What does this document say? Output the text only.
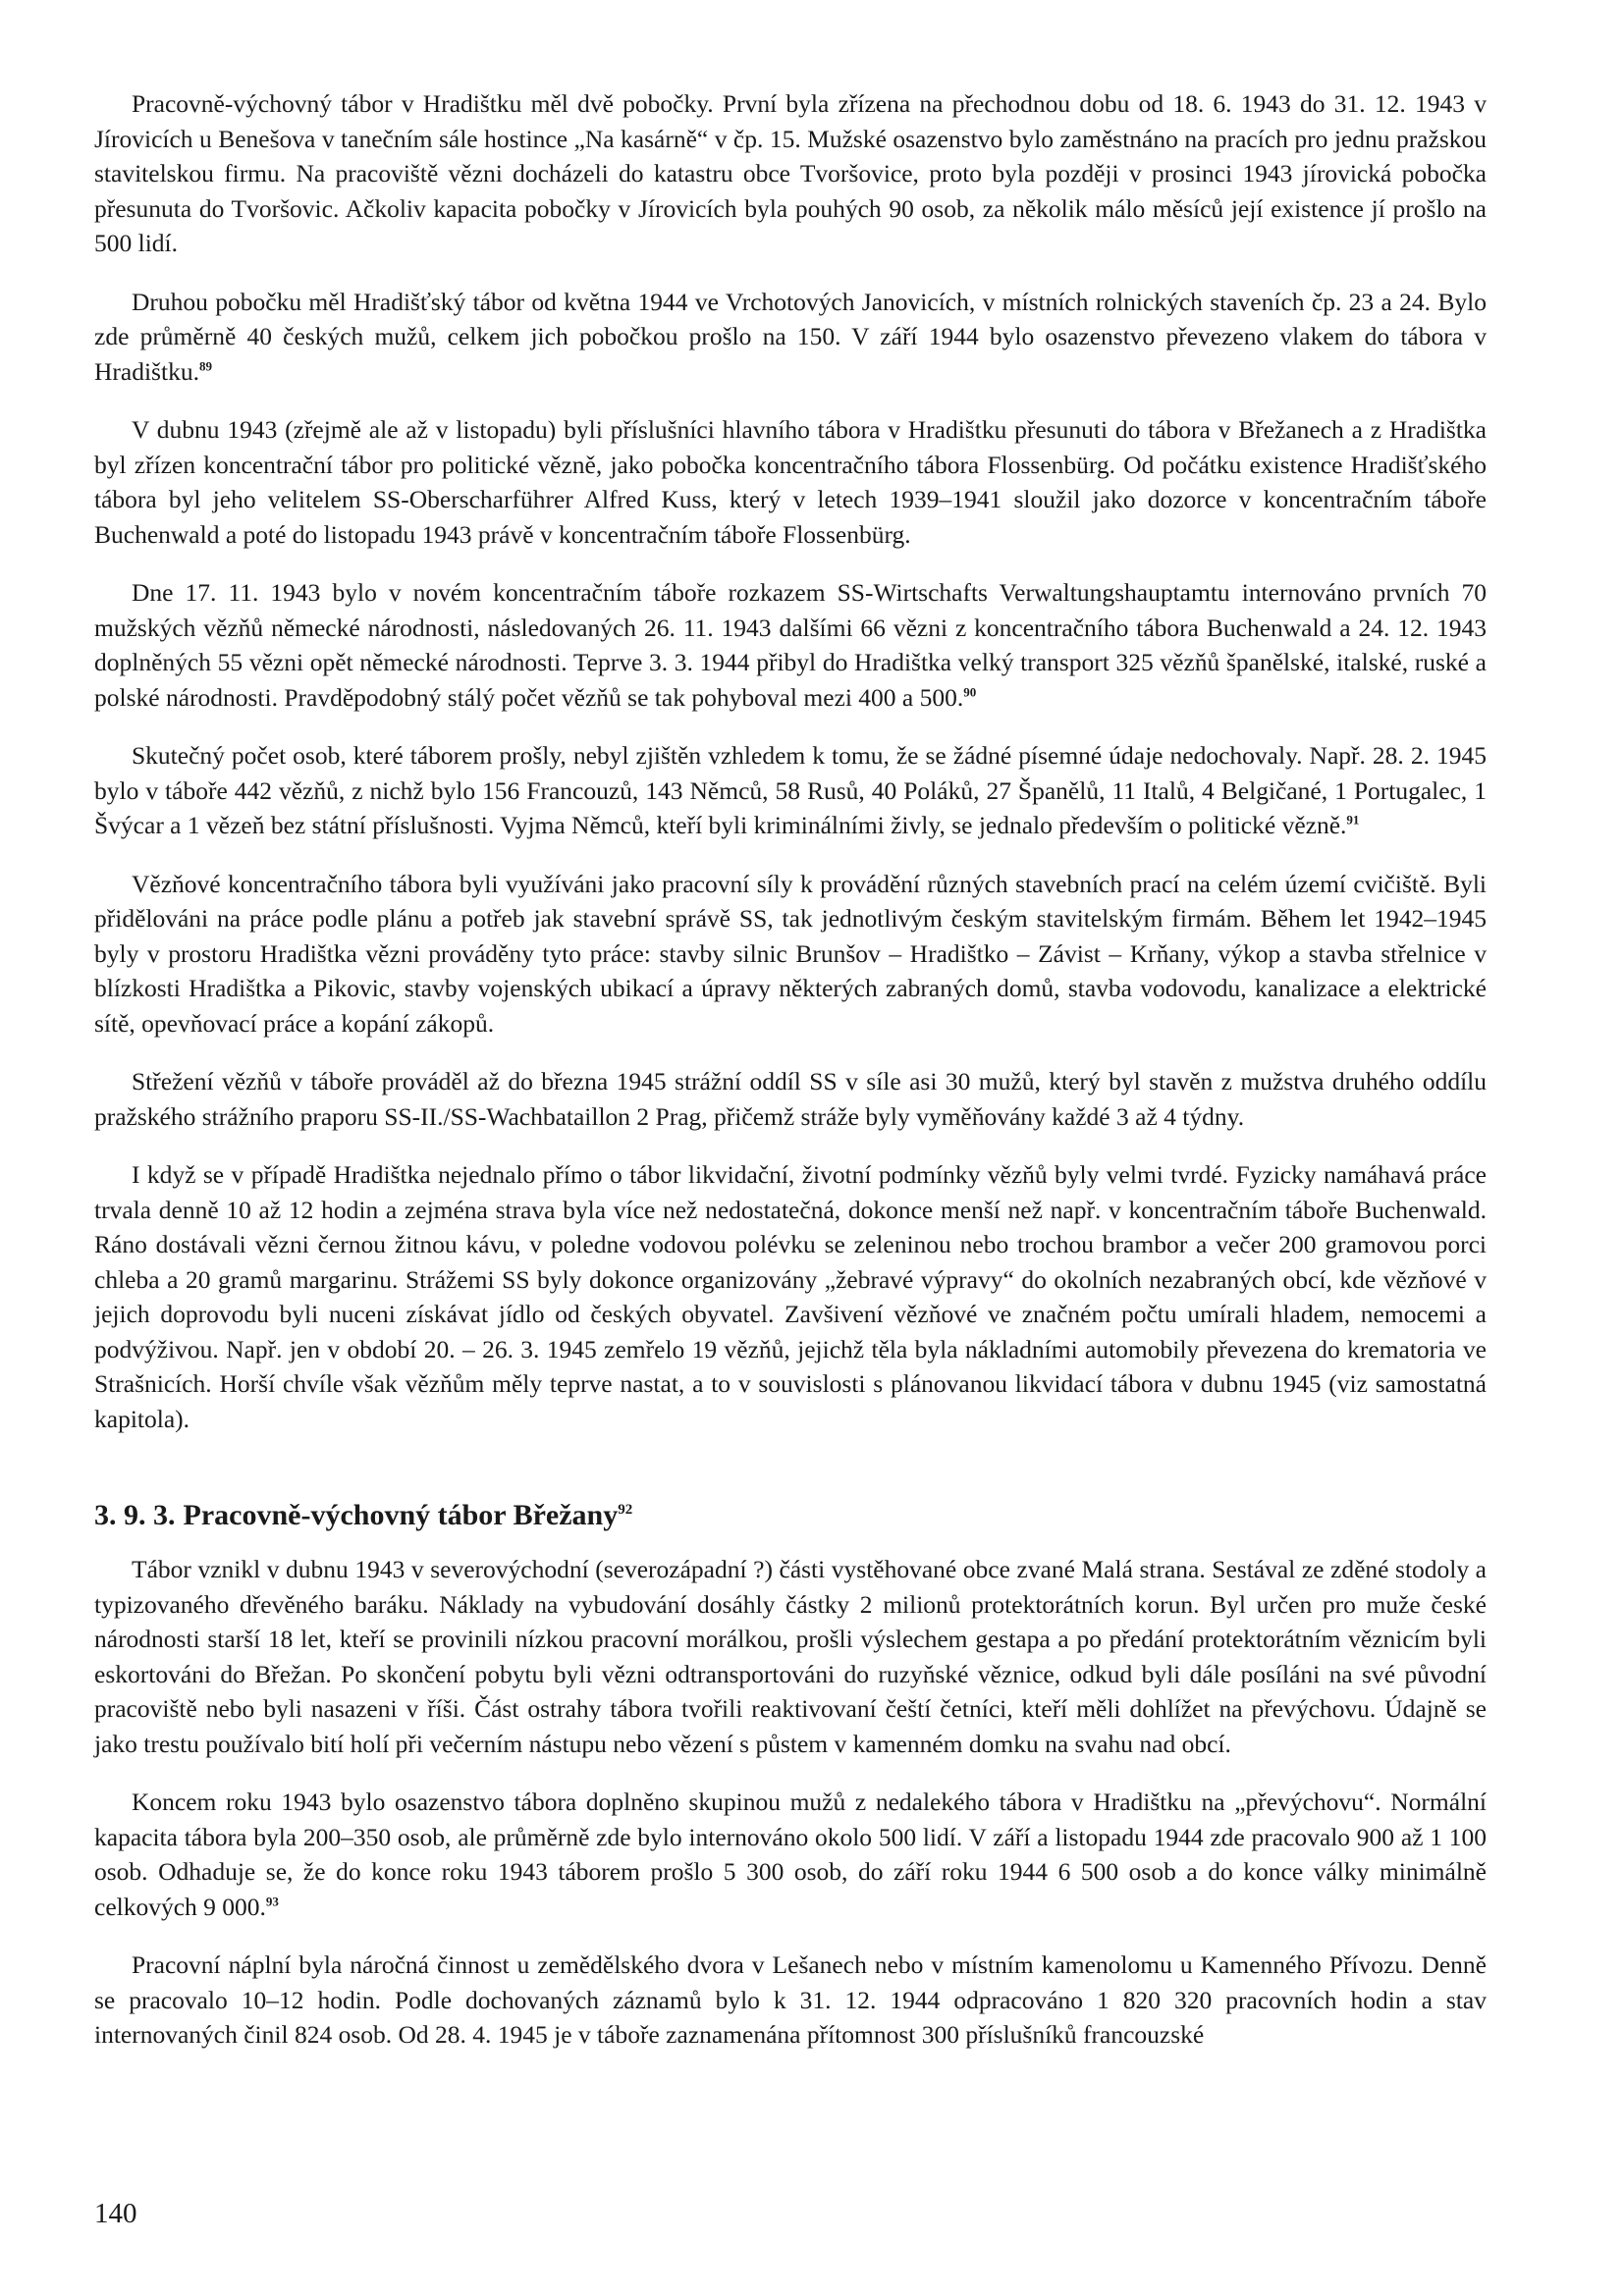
Pracovně-výchovný tábor v Hradištku měl dvě pobočky. První byla zřízena na přechodnou dobu od 18. 6. 1943 do 31. 12. 1943 v Jírovicích u Benešova v tanečním sále hostince „Na kasárně“ v čp. 15. Mužské osazenstvo bylo zaměstnáno na pracích pro jednu pražskou stavitelskou firmu. Na pracoviště vězni docházeli do katastru obce Tvoršovice, proto byla později v prosinci 1943 jírovická pobočka přesunuta do Tvoršovic. Ačkoliv kapacita pobočky v Jírovicích byla pouhých 90 osob, za několik málo měsíců její existence jí prošlo na 500 lidí.

Druhou pobočku měl Hradišťský tábor od května 1944 ve Vrchotových Janovicích, v místních rolnických staveních čp. 23 a 24. Bylo zde průměrně 40 českých mužů, celkem jich pobočkou prošlo na 150. V září 1944 bylo osazenstvo převezeno vlakem do tábora v Hradištku.$^{89}$

V dubnu 1943 (zřejmě ale až v listopadu) byli příslušníci hlavního tábora v Hradištku přesunuti do tábora v Břežanech a z Hradištka byl zřízen koncentrační tábor pro politické vězně, jako pobočka koncentračního tábora Flossenbürg. Od počátku existence Hradišťského tábora byl jeho velitelem SS-Oberscharführer Alfred Kuss, který v letech 1939–1941 sloužil jako dozorce v koncentračním táboře Buchenwald a poté do listopadu 1943 právě v koncentračním táboře Flossenbürg.

Dne 17. 11. 1943 bylo v novém koncentračním táboře rozkazem SS-Wirtschafts Verwaltungshauptamtu internováno prvních 70 mužských vězňů německé národnosti, následovaných 26. 11. 1943 dalšími 66 vězni z koncentračního tábora Buchenwald a 24. 12. 1943 doplněných 55 vězni opět německé národnosti. Teprve 3. 3. 1944 přibyl do Hradištka velký transport 325 vězňů španělské, italské, ruské a polské národnosti. Pravděpodobný stálý počet vězňů se tak pohyboval mezi 400 a 500.90

Skutečný počet osob, které táborem prošly, nebyl zjištěn vzhledem k tomu, že se žádné písemné údaje nedochovaly. Např. 28. 2. 1945 bylo v táboře 442 vězňů, z nichž bylo 156 Francouzů, 143 Němců, 58 Rusů, 40 Poláků, 27 Španělů, 11 Italů, 4 Belgičané, 1 Portugalec, 1 Švýcar a 1 vězeň bez státní příslušnosti. Vyjma Němců, kteří byli kriminálními živly, se jednalo především o politické vězně.$^{91}$

Vězňové koncentračního tábora byli využíváni jako pracovní síly k provádění různých stavebních prací na celém území cvičiště. Byli přidělováni na práce podle plánu a potřeb jak stavební správě SS, tak jednotlivým českým stavitelským firmám. Během let 1942–1945 byly v prostoru Hradištka vězni prováděny tyto práce: stavby silnic Brunšov – Hradištko – Závist – Krňany, výkop a stavba střelnice v blízkosti Hradištka a Pikovic, stavby vojenských ubikací a úpravy některých zabraných domů, stavba vodovodu, kanalizace a elektrické sítě, opevňovací práce a kopání zákopů.

Střežení vězňů v táboře prováděl až do března 1945 strážní oddíl SS v síle asi 30 mužů, který byl stavěn z mužstva druhého oddílu pražského strážního praporu SS-II./SS-Wachbataillon 2 Prag, přičemž stráže byly vyměňovány každé 3 až 4 týdny.

I když se v případě Hradištka nejednalo přímo o tábor likvidační, životní podmínky vězňů byly velmi tvrdé. Fyzicky namáhavá práce trvala denně 10 až 12 hodin a zejména strava byla více než nedostatečná, dokonce menší než např. v koncentračním táboře Buchenwald. Ráno dostávali vězni černou žitnou kávu, v poledne vodovou polévku se zeleninou nebo trochou brambor a večer 200 gramovou porci chleba a 20 gramů margarinu. Strážemi SS byly dokonce organizovány „žebravé výpravy“ do okolních nezabraných obcí, kde vězňové v jejich doprovodu byli nuceni získávat jídlo od českých obyvatel. Zavšivení vězňové ve značném počtu umírali hladem, nemocemi a podvýživou. Např. jen v období 20. – 26. 3. 1945 zemřelo 19 vězňů, jejichž těla byla nákladními automobily převezena do krematoria ve Strašnicích. Horší chvíle však vězňům měly teprve nastat, a to v souvislosti s plánovanou likvidací tábora v dubnu 1945 (viz samostatná kapitola).

3. 9. 3. Pracovně-výchovný tábor Břežany$^{92}$

Tábor vznikl v dubnu 1943 v severovýchodní (severozápadní ?) části vystěhované obce zvané Malá strana. Sestával ze zděné stodoly a typizovaného dřevěného baráku. Náklady na vybudování dosáhly částky 2 milionů protektorátních korun. Byl určen pro muže české národnosti starší 18 let, kteří se provinili nízkou pracovní morálkou, prošli výslechem gestapa a po předání protektorátním věznicím byli eskortováni do Břežan. Po skončení pobytu byli vězni odtransportováni do ruzyňské věznice, odkud byli dále posíláni na své původní pracoviště nebo byli nasazeni v říši. Část ostrahy tábora tvořili reaktivovaní čeští četníci, kteří měli dohlížet na převýchovu. Údajně se jako trestu používalo bití holí při večerním nástupu nebo vězení s půstem v kamenném domku na svahu nad obcí.

Koncem roku 1943 bylo osazenstvo tábora doplněno skupinou mužů z nedalekého tábora v Hradištku na „převýchovu“. Normální kapacita tábora byla 200–350 osob, ale průměrně zde bylo internováno okolo 500 lidí. V září a listopadu 1944 zde pracovalo 900 až 1 100 osob. Odhaduje se, že do konce roku 1943 táborem prošlo 5 300 osob, do září roku 1944 6 500 osob a do konce války minimálně celkových 9 000.93

Pracovní náplní byla náročná činnost u zemědělského dvora v Lešanech nebo v místním kamenolomu u Kamenného Přívozu. Denně se pracovalo 10–12 hodin. Podle dochovaných záznamů bylo k 31. 12. 1944 odpracováno 1 820 320 pracovních hodin a stav internovaných činil 824 osob. Od 28. 4. 1945 je v táboře zaznamenána přítomnost 300 příslušníků francouzské

140
